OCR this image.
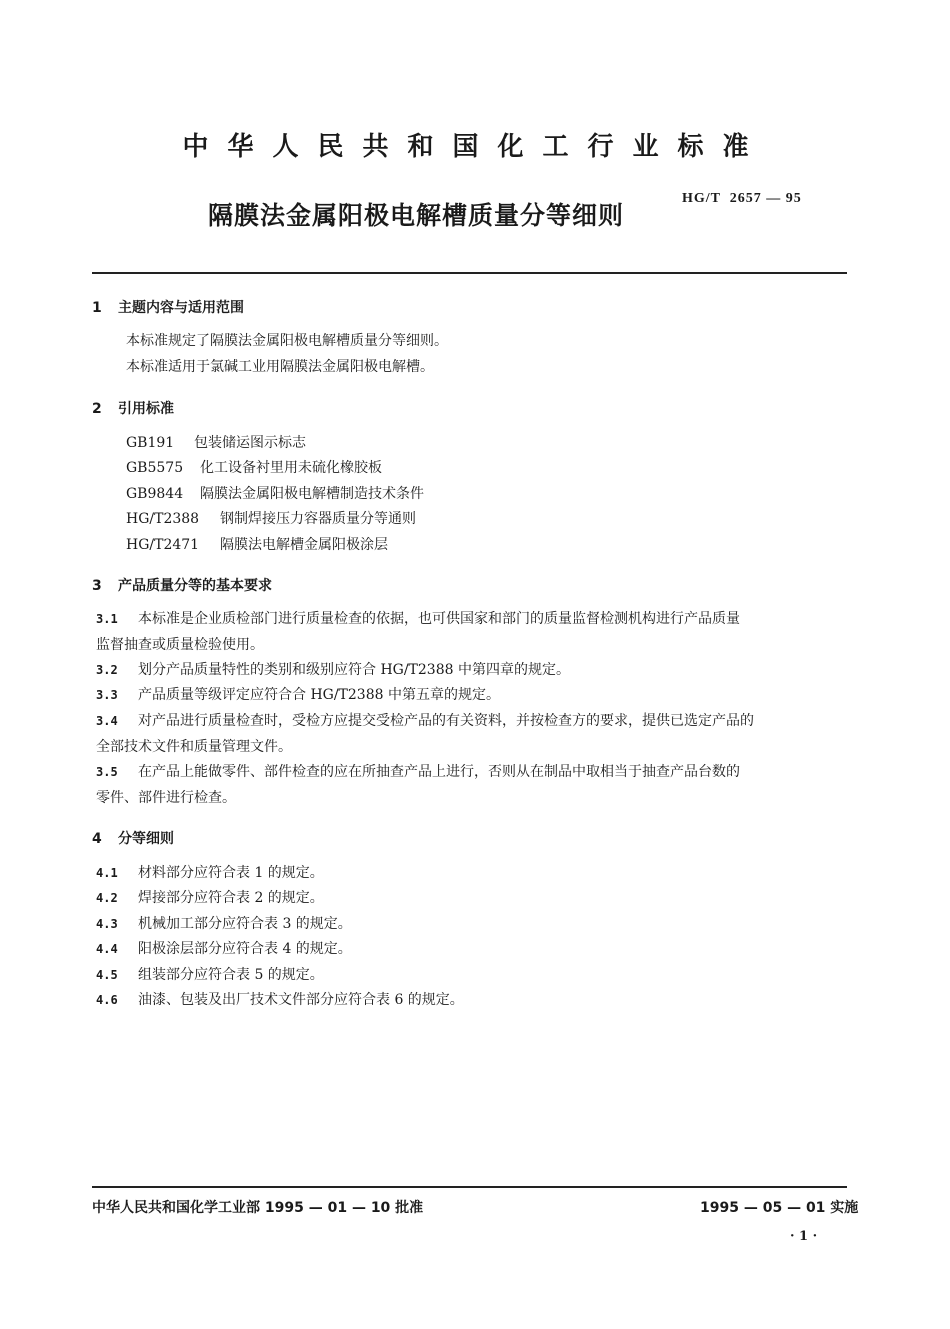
中华人民共和国化工行业标准
隔膜法金属阳极电解槽质量分等细则
HG/T  2657 — 95
1 主题内容与适用范围
本标准规定了隔膜法金属阳极电解槽质量分等细则。
本标准适用于氯碱工业用隔膜法金属阳极电解槽。
2 引用标准
GB191 包装储运图示标志
GB5575 化工设备衬里用未硫化橡胶板
GB9844 隔膜法金属阳极电解槽制造技术条件
HG/T2388 钢制焊接压力容器质量分等通则
HG/T2471 隔膜法电解槽金属阳极涂层
3 产品质量分等的基本要求
3.1 本标准是企业质检部门进行质量检查的依据，也可供国家和部门的质量监督检测机构进行产品质量
监督抽查或质量检验使用。
3.2 划分产品质量特性的类别和级别应符合 HG/T2388 中第四章的规定。
3.3 产品质量等级评定应符合合 HG/T2388 中第五章的规定。
3.4 对产品进行质量检查时，受检方应提交受检产品的有关资料，并按检查方的要求，提供已选定产品的
全部技术文件和质量管理文件。
3.5 在产品上能做零件、部件检查的应在所抽查产品上进行，否则从在制品中取相当于抽查产品台数的
零件、部件进行检查。
4 分等细则
4.1 材料部分应符合表 1 的规定。
4.2 焊接部分应符合表 2 的规定。
4.3 机械加工部分应符合表 3 的规定。
4.4 阳极涂层部分应符合表 4 的规定。
4.5 组装部分应符合表 5 的规定。
4.6 油漆、包装及出厂技术文件部分应符合表 6 的规定。
中华人民共和国化学工业部 1995 — 01 — 10 批准	1995 — 05 — 01 实施
· 1 ·
